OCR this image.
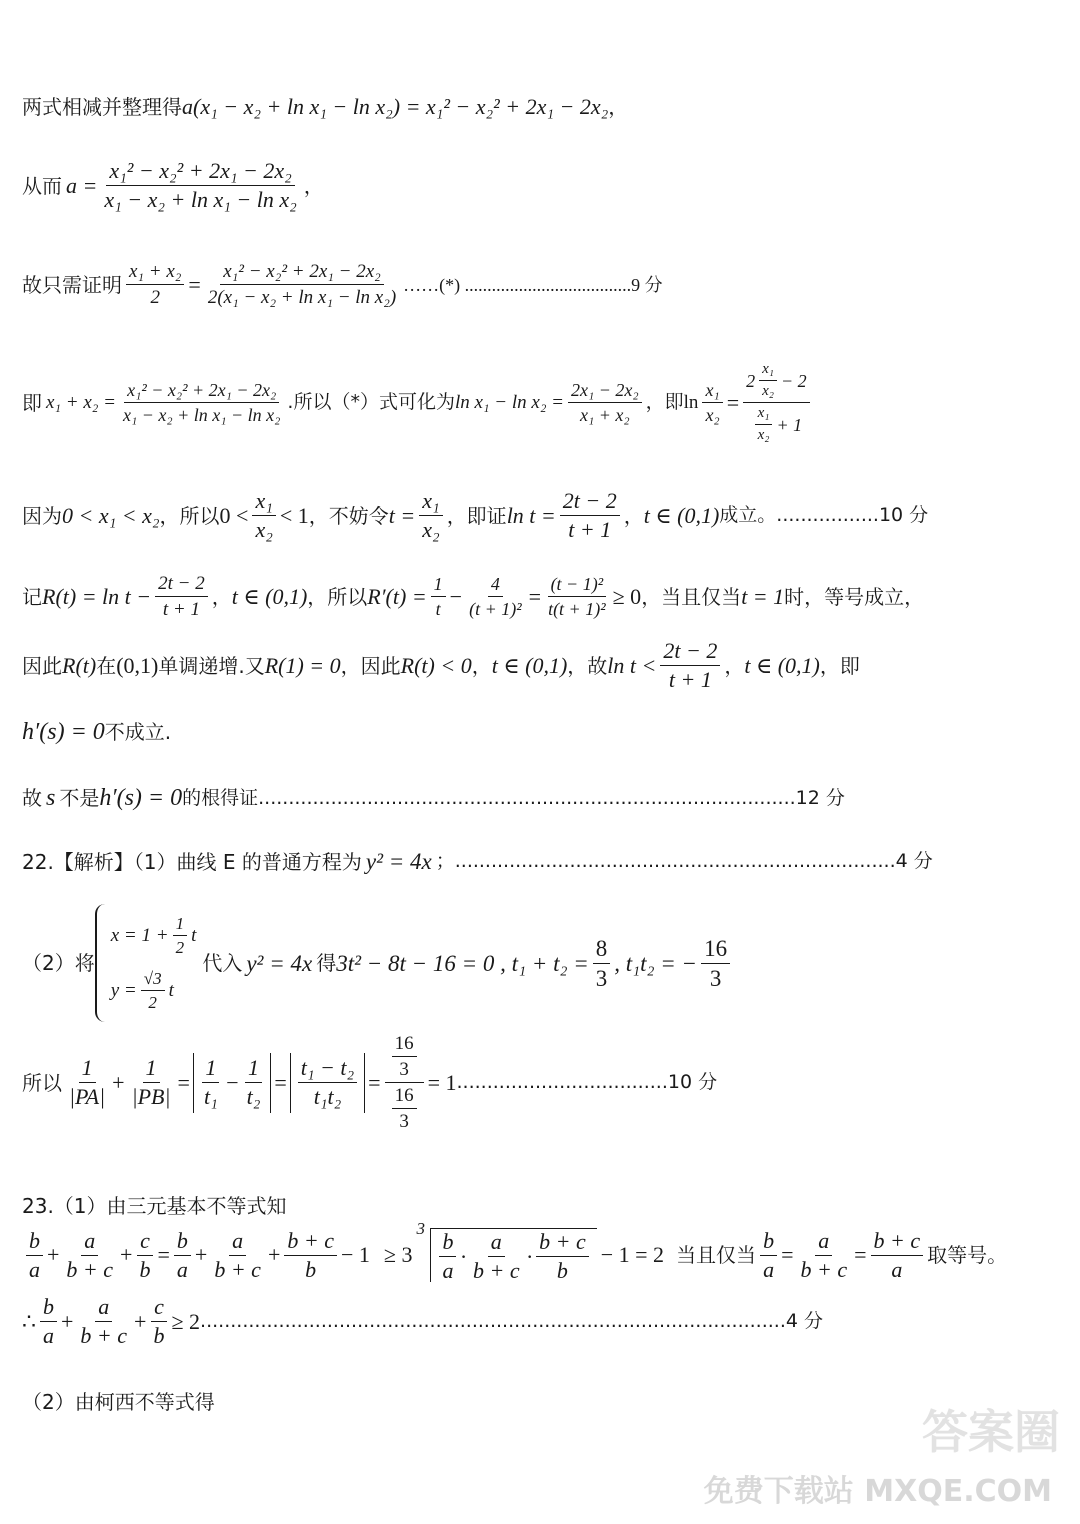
两式相减并整理得 a(x₁ − x₂ + ln x₁ − ln x₂) = x₁² − x₂² + 2x₁ − 2x₂ ，
从而 $a = \frac{\text{x₁² − x₂² + 2x₁ − 2x₂}}{\text{x₁ − x₂ + ln x₁ − ln x₂}}$ ，
故只需证明 $\frac{\text{x₁ + x₂}}{2} = \frac{\text{x₁² − x₂² + 2x₁ − 2x₂}}{\text{2(x₁ − x₂ + ln x₁ − ln x₂)}}$ ……(*) .....................................9 分
即 $x_1 + x_2 = \frac{\text{x₁² − x₂² + 2x₁ − 2x₂}}{\text{x₁ − x₂ + ln x₁ − ln x₂}}$ .所以（*）式可化为 $\ln x_1 - \ln x_2 = \frac{\text{2x₁ − 2x₂}}{\text{x₁ + x₂}}$ ，即 $\ln \frac{\text{x₁}}{\text{x₂}} = \frac{2 \frac{\text{x₁}}{\text{x₂}} - 2}{\frac{\text{x₁}}{\text{x₂}} + 1}$
因为 0 < x₁ < x₂ ，所以 $0 < \frac{\text{x₁}}{\text{x₂}} < 1$ ，不妨令 $t = \frac{\text{x₁}}{\text{x₂}}$ ，即证 $\ln t = \frac{2t - 2}{t + 1}$ ， t ∈ (0,1) 成立。.................10 分
记 $R(t) = \ln t - \frac{2t - 2}{t + 1}$ ， t ∈ (0,1) ，所以 $R'(t) = \frac{1}{t} - \frac{4}{\text{(t + 1)²}} = \frac{\text{(t − 1)²}}{\text{t(t + 1)²}} \ge 0$ ，当且仅当 t = 1 时，等号成立，
因此 R(t) 在 (0,1) 单调递增.又 R(1) = 0 ，因此 R(t) < 0 ， t ∈ (0,1) ，故 $\ln t < \frac{2t - 2}{t + 1}$ ， t ∈ (0,1) ，即
h′(s) = 0 不成立.
故 s 不是 h′(s) = 0 的根得证.........................................................................................12 分
22.【解析】（1）曲线 E 的普通方程为 y² = 4x ；.........................................................................4 分
（2）将
$x = 1 + \frac{1}{2}$ t
$y = \frac{√3}{2}$ t
代入 y² = 4x 得 3t² − 8t − 16 = 0 , $t_1 + t_2 = \frac{8}{3}$ , t₁t₂ = − $\frac{16}{3}$
所以 $\frac{1}{|PA|} + \frac{1}{|PB|} = \frac{1}{\text{t₁}} - \frac{1}{\text{t₂}} = \frac{\text{t₁ − t₂}}{\text{t₁t₂}} = \frac{\frac{16}{3}}{\frac{16}{3}} = 1$ ...................................10 分
23.（1）由三元基本不等式知
$\frac{b}{a} + \frac{a}{b + c} + \frac{c}{b} = \frac{b}{a} + \frac{a}{b + c} + \frac{b + c}{b} - 1 \ge 3$
3
$\frac{b}{a} \cdot \frac{a}{b + c} \cdot \frac{b + c}{b} - 1 = 2$ 当且仅当 $\frac{b}{a} = \frac{a}{b + c} = \frac{b + c}{a}$ 取等号。
∴ $\frac{b}{a} + \frac{a}{b + c} + \frac{c}{b} \ge 2$ .................................................................................................4 分
（2）由柯西不等式得
答案圈
免费下载站 MXQE.COM
